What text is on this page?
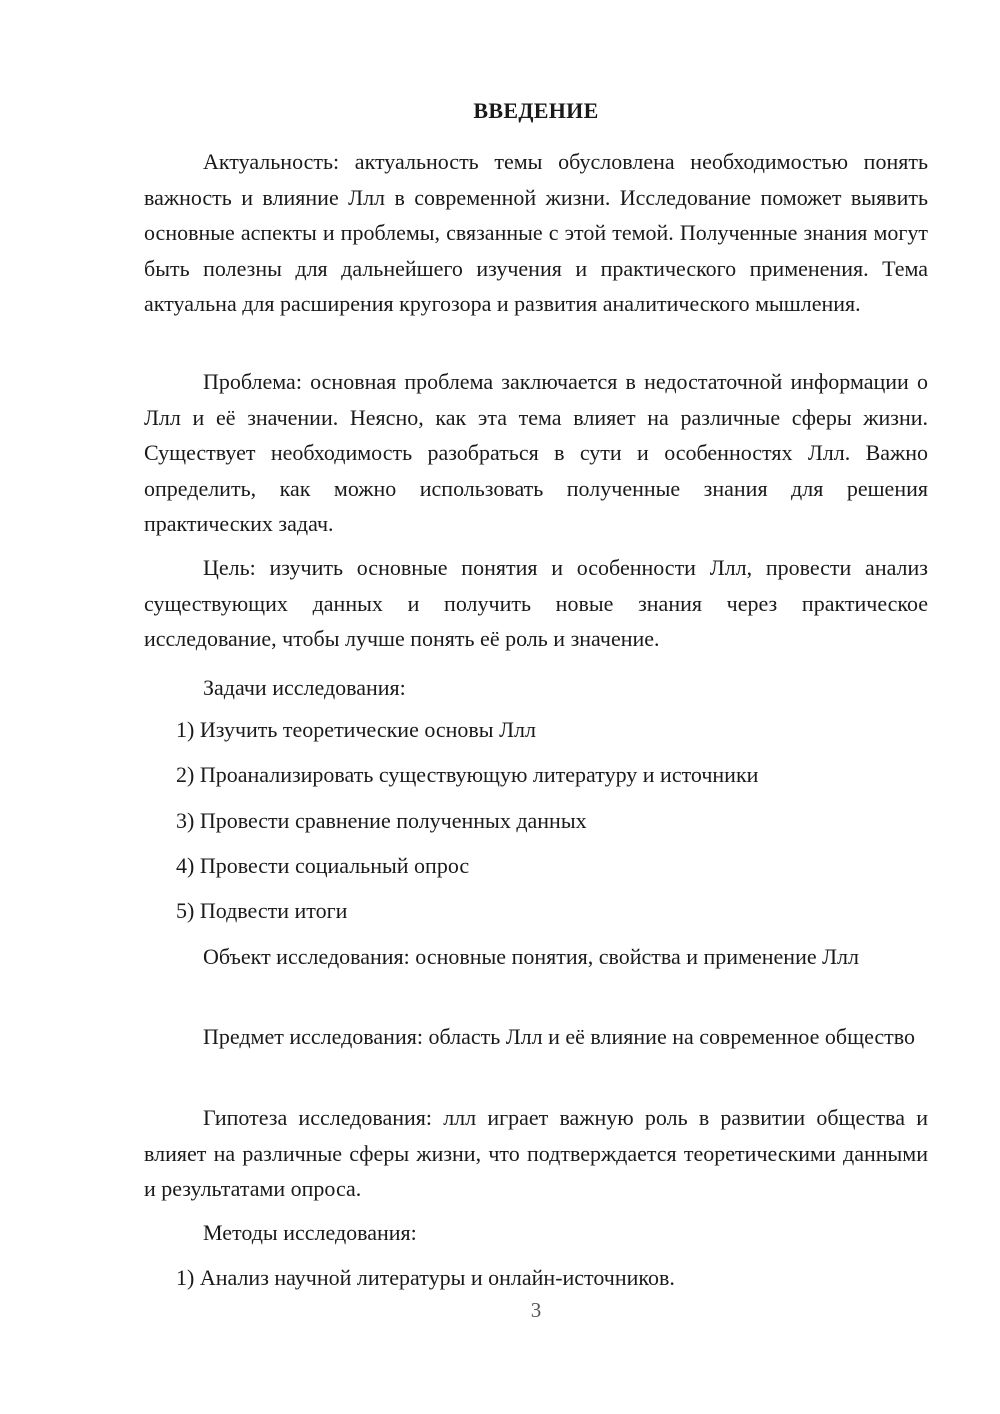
ВВЕДЕНИЕ

Актуальность: актуальность темы обусловлена необходимостью понять важность и влияние Ллл в современной жизни. Исследование поможет выявить основные аспекты и проблемы, связанные с этой темой. Полученные знания могут быть полезны для дальнейшего изучения и практического применения. Тема актуальна для расширения кругозора и развития аналитического мышления.

Проблема: основная проблема заключается в недостаточной информации о Ллл и её значении. Неясно, как эта тема влияет на различные сферы жизни. Существует необходимость разобраться в сути и особенностях Ллл. Важно определить, как можно использовать полученные знания для решения практических задач.

Цель: изучить основные понятия и особенности Ллл, провести анализ существующих данных и получить новые знания через практическое исследование, чтобы лучше понять её роль и значение.

Задачи исследования:

1) Изучить теоретические основы Ллл

2) Проанализировать существующую литературу и источники

3) Провести сравнение полученных данных

4) Провести социальный опрос

5) Подвести итоги

Объект исследования: основные понятия, свойства и применение Ллл

Предмет исследования: область Ллл и её влияние на современное общество

Гипотеза исследования: ллл играет важную роль в развитии общества и влияет на различные сферы жизни, что подтверждается теоретическими данными и результатами опроса.

Методы исследования:

1) Анализ научной литературы и онлайн-источников.

3
